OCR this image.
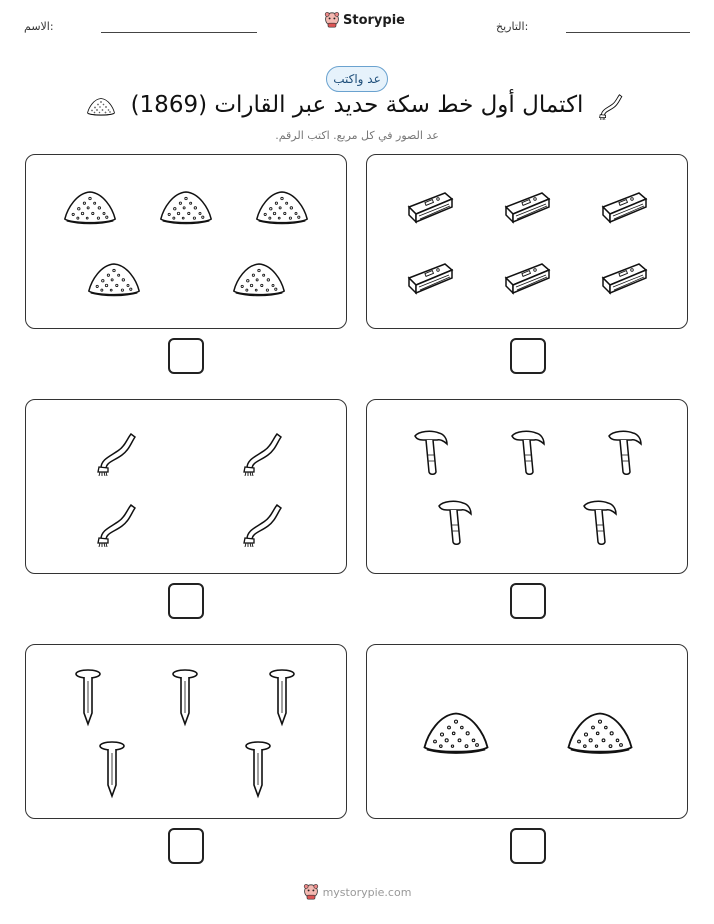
التاريخ:
الاسم:	Storypie
عد واكتب
اكتمال أول خط سكة حديد عبر القارات (1869)
عد الصور في كل مربع. اكتب الرقم.
mystorypie.com
